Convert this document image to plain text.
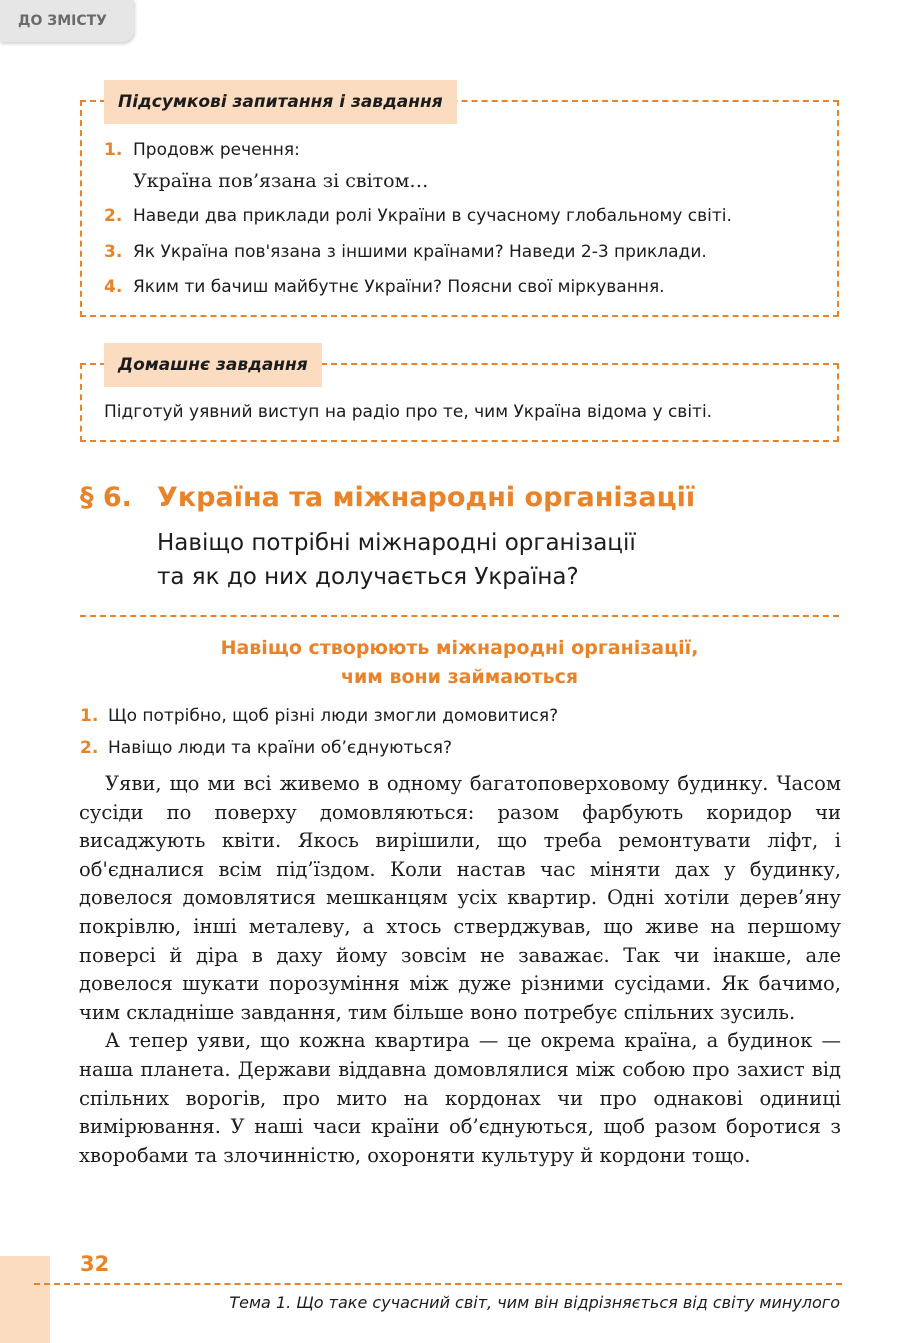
ДО ЗМІСТУ
Підсумкові запитання і завдання
1. Продовж речення:
Україна пов’язана зі світом…
2. Наведи два приклади ролі України в сучасному глобальному світі.
3. Як Україна пов'язана з іншими країнами? Наведи 2-3 приклади.
4. Яким ти бачиш майбутнє України? Поясни свої міркування.
Домашнє завдання
Підготуй уявний виступ на радіо про те, чим Україна відома у світі.
§ 6. Україна та міжнародні організації
Навіщо потрібні міжнародні організації
та як до них долучається Україна?
Навіщо створюють міжнародні організації,
чим вони займаються
1. Що потрібно, щоб різні люди змогли домовитися?
2. Навіщо люди та країни об’єднуються?

Уяви, що ми всі живемо в одному багатоповерховому будинку. Часом сусіди по поверху домовляються: разом фарбують коридор чи висаджують квіти. Якось вирішили, що треба ремонтувати ліфт, і об'єдналися всім під’їздом. Коли настав час міняти дах у будинку, довелося домовлятися мешканцям усіх квартир. Одні хотіли дерев’яну покрівлю, інші металеву, а хтось стверджував, що живе на першому поверсі й діра в даху йому зовсім не заважає. Так чи інакше, але довелося шукати порозуміння між дуже різними сусідами. Як бачимо, чим складніше завдання, тим більше воно потребує спільних зусиль.

А тепер уяви, що кожна квартира — це окрема країна, а будинок — наша планета. Держави віддавна домовлялися між собою про захист від спільних ворогів, про мито на кордонах чи про однакові одиниці вимірювання. У наші часи країни об’єднуються, щоб разом боротися з хворобами та злочинністю, охороняти культуру й кордони тощо.

32
Тема 1. Що таке сучасний світ, чим він відрізняється від світу минулого
